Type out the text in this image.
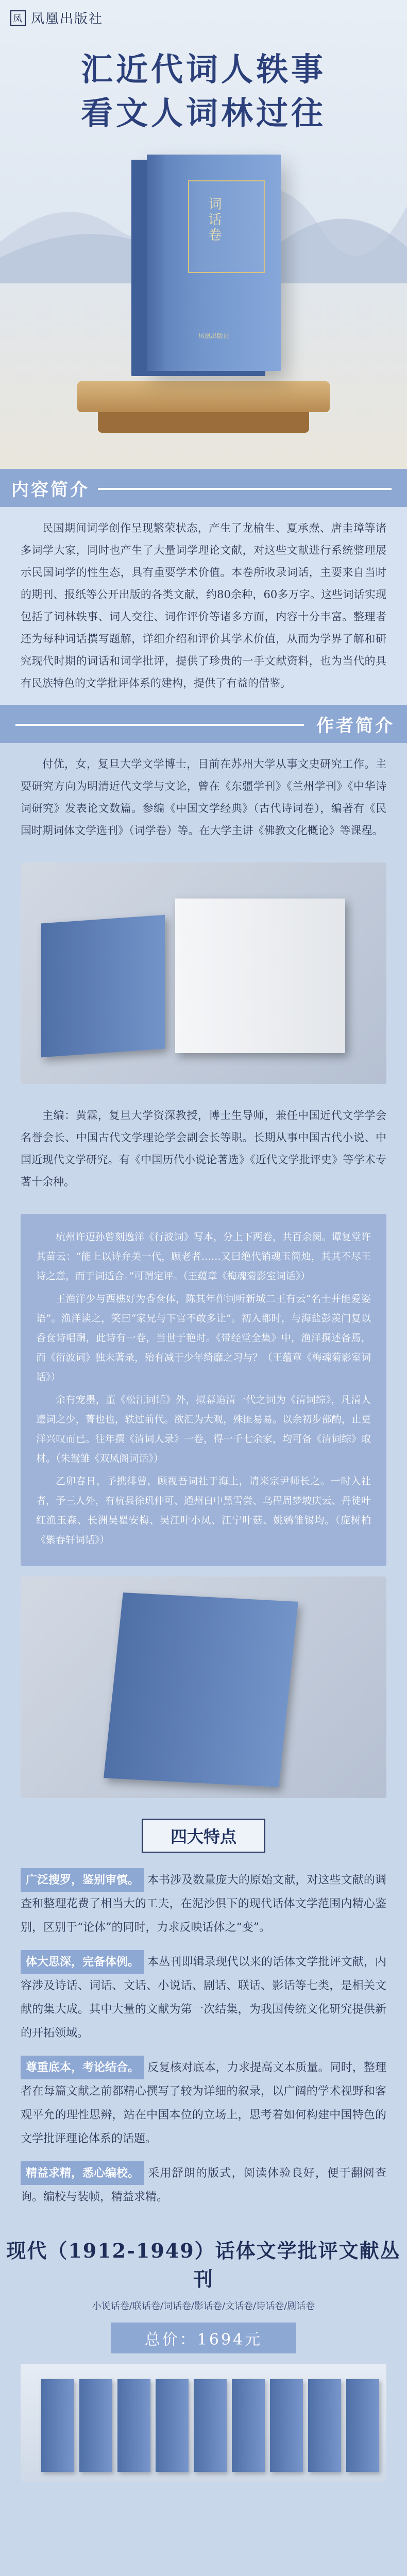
凤 凤凰出版社
汇近代词人轶事
看文人词林过往
词话卷
凤凰出版社
内容简介
民国期间词学创作呈现繁荣状态，产生了龙榆生、夏承焘、唐圭璋等诸多词学大家，同时也产生了大量词学理论文献，对这些文献进行系统整理展示民国词学的性生态，具有重要学术价值。本卷所收录词话，主要来自当时的期刊、报纸等公开出版的各类文献，约80余种，60多万字。这些词话实现包括了词林轶事、词人交往、词作评价等诸多方面，内容十分丰富。整理者还为每种词话撰写题解，详细介绍和评价其学术价值，从而为学界了解和研究现代时期的词话和词学批评，提供了珍贵的一手文献资料，也为当代的具有民族特色的文学批评体系的建构，提供了有益的借鉴。
作者简介
付优，女，复旦大学文学博士，目前在苏州大学从事文史研究工作。主要研究方向为明清近代文学与文论，曾在《东疆学刊》《兰州学刊》《中华诗词研究》发表论文数篇。参编《中国文学经典》（古代诗词卷），编著有《民国时期词体文学选刊》（词学卷）等。在大学主讲《佛教文化概论》等课程。
主编：黄霖，复旦大学资深教授，博士生导师，兼任中国近代文学学会名誉会长、中国古代文学理论学会副会长等职。长期从事中国古代小说、中国近现代文学研究。有《中国历代小说论著选》《近代文学批评史》等学术专著十余种。

杭州许迈孙曾刻逸洋《行波词》写本，分上下两卷，共百余阕。谭复堂许其苗云：“能上以诗弁美一代，顾老者……又曰绝代销魂玉简烛，其其不尽王诗之意，而于词适合。”可谓定评。（王蕴章《梅魂菊影室词话》）

王渔洋少与西樵好为香奁体，陈其年作词听新城二王有云“名士并能爱姿语”。渔洋读之，笑曰“家兄与下官不敢多让”。初入都时，与海盐彭羡门复以香奁诗唱酬，此诗有一卷，当世于艳时。《带经堂全集》中，渔洋撰述备焉，而《衍波词》独未著录，殆有减于少年绮靡之习与？（王蕴章《梅魂菊影室词话》）

余有宠墨，董《松江词话》外，拟幕追清一代之词为《清词综》，凡清人遗词之少，菁也也，轶过前代。欲汇为大观，殊匪易易。以余初步部酌，止更洋兴叹而已。往年撰《清词人录》一卷，得一千七余家，均可备《清词综》取材。（朱鸳雏《双凤阁词话》）

乙卯春日，予携徘曾，顾视吾词社于海上，请来宗尹师长之。一时入社者，予三人外，有杭县徐玑仲可、通州白中黑雪尝、乌程周梦坡庆云、丹徒叶红渔玉森、长洲吴瞿安梅、吴江叶小凤、江宁叶菇、姚鹓雏锡均。（庞树柏《紫春轩词话》）

四大特点
广泛搜罗，鉴别审慎。 本书涉及数量庞大的原始文献，对这些文献的调查和整理花费了相当大的工夫，在泥沙俱下的现代话体文学范围内精心鉴别，区别于“论体”的同时，力求反映话体之“变”。
体大思深，完备体例。 本丛刊即辑录现代以来的话体文学批评文献，内容涉及诗话、词话、文话、小说话、剧话、联话、影话等七类，是相关文献的集大成。其中大量的文献为第一次结集，为我国传统文化研究提供新的开拓领域。
尊重底本，考论结合。 反复核对底本，力求提高文本质量。同时，整理者在每篇文献之前都精心撰写了较为详细的叙录，以广阔的学术视野和客观平允的理性思辨，站在中国本位的立场上，思考着如何构建中国特色的文学批评理论体系的话题。
精益求精，悉心编校。 采用舒朗的版式，阅读体验良好，便于翻阅查询。编校与装帧，精益求精。
现代（1912-1949）话体文学批评文献丛刊
小说话卷/联话卷/词话卷/影话卷/文话卷/诗话卷/剧话卷
总价：1694元
